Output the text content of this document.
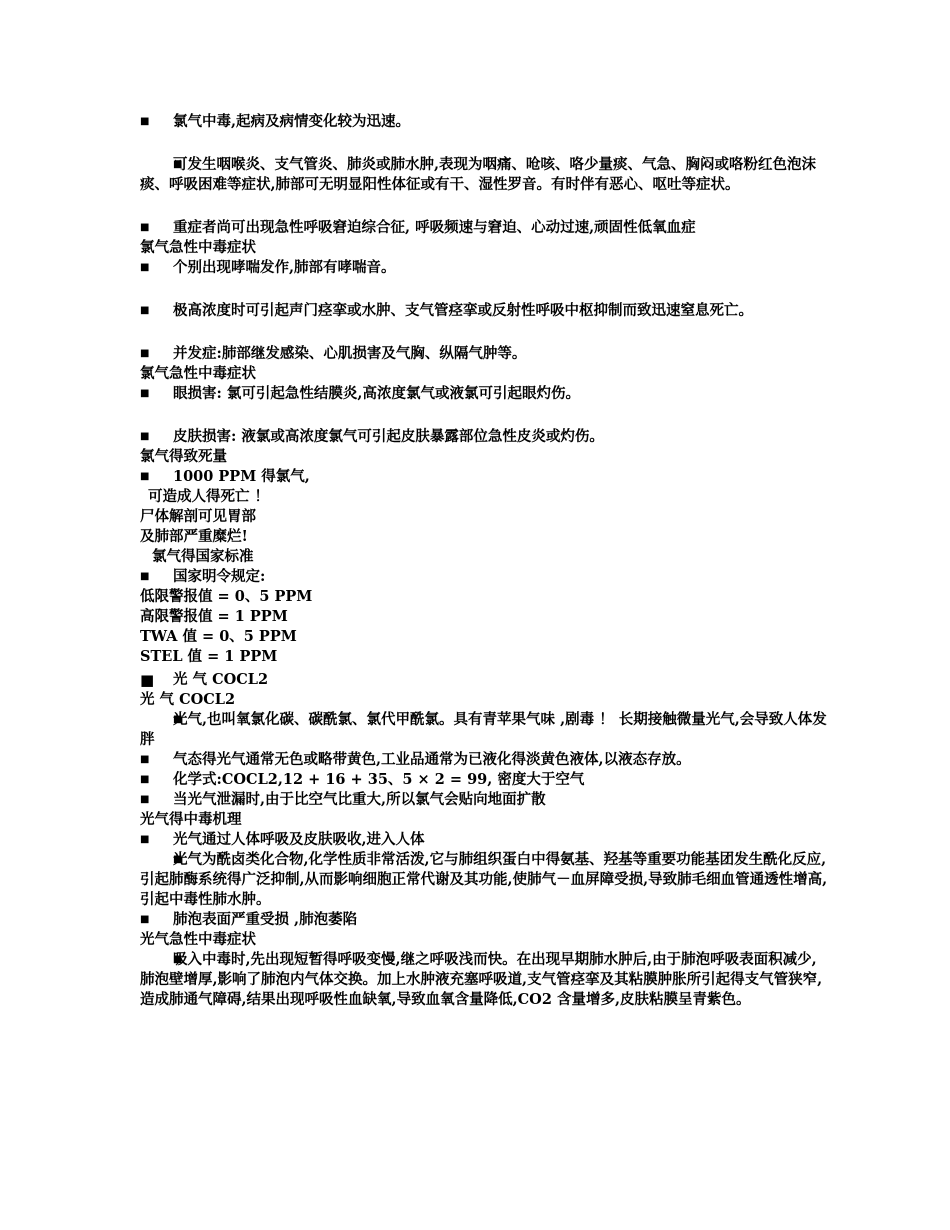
■ 氯气中毒,起病及病情变化较为迅速。
■ 可发生咽喉炎、支气管炎、肺炎或肺水肿,表现为咽痛、呛咳、咯少量痰、气急、胸闷或咯粉红色泡沫痰、呼吸困难等症状,肺部可无明显阳性体征或有干、湿性罗音。有时伴有恶心、呕吐等症状。
■ 重症者尚可出现急性呼吸窘迫综合征, 呼吸频速与窘迫、心动过速,顽固性低氧血症
氯气急性中毒症状
■ 个别出现哮喘发作,肺部有哮喘音。
■ 极高浓度时可引起声门痉挛或水肿、支气管痉挛或反射性呼吸中枢抑制而致迅速窒息死亡。
■ 并发症:肺部继发感染、心肌损害及气胸、纵隔气肿等。
氯气急性中毒症状
■ 眼损害: 氯可引起急性结膜炎,高浓度氯气或液氯可引起眼灼伤。
■ 皮肤损害: 液氯或高浓度氯气可引起皮肤暴露部位急性皮炎或灼伤。
氯气得致死量
■ 1000 PPM 得氯气,
可造成人得死亡 ！
尸体解剖可见胃部
及肺部严重糜烂!
氯气得国家标准
■ 国家明令规定:
低限警报值 = 0、5 PPM
高限警报值 = 1 PPM
TWA 值 = 0、5 PPM
STEL 值 = 1 PPM
■ 光 气 COCL2
光 气 COCL2
■ 光气,也叫氧氯化碳、碳酰氯、氯代甲酰氯。具有青苹果气味 ,剧毒 ！ 长期接触微量光气,会导致人体发胖
■ 气态得光气通常无色或略带黄色,工业品通常为已液化得淡黄色液体,以液态存放。
■ 化学式:COCL2,12 + 16 + 35、5 × 2 = 99, 密度大于空气
■ 当光气泄漏时,由于比空气比重大,所以氯气会贴向地面扩散
光气得中毒机理
■ 光气通过人体呼吸及皮肤吸收,进入人体
■ 光气为酰卤类化合物,化学性质非常活泼,它与肺组织蛋白中得氨基、羟基等重要功能基团发生酰化反应,引起肺酶系统得广泛抑制,从而影响细胞正常代谢及其功能,使肺气－血屏障受损,导致肺毛细血管通透性增高,引起中毒性肺水肿。
■ 肺泡表面严重受损 ,肺泡萎陷
光气急性中毒症状
■ 吸入中毒时,先出现短暂得呼吸变慢,继之呼吸浅而快。在出现早期肺水肿后,由于肺泡呼吸表面积减少,肺泡壁增厚,影响了肺泡内气体交换。加上水肿液充塞呼吸道,支气管痉挛及其粘膜肿胀所引起得支气管狭窄,造成肺通气障碍,结果出现呼吸性血缺氧,导致血氧含量降低,CO2 含量增多,皮肤粘膜呈青紫色。
